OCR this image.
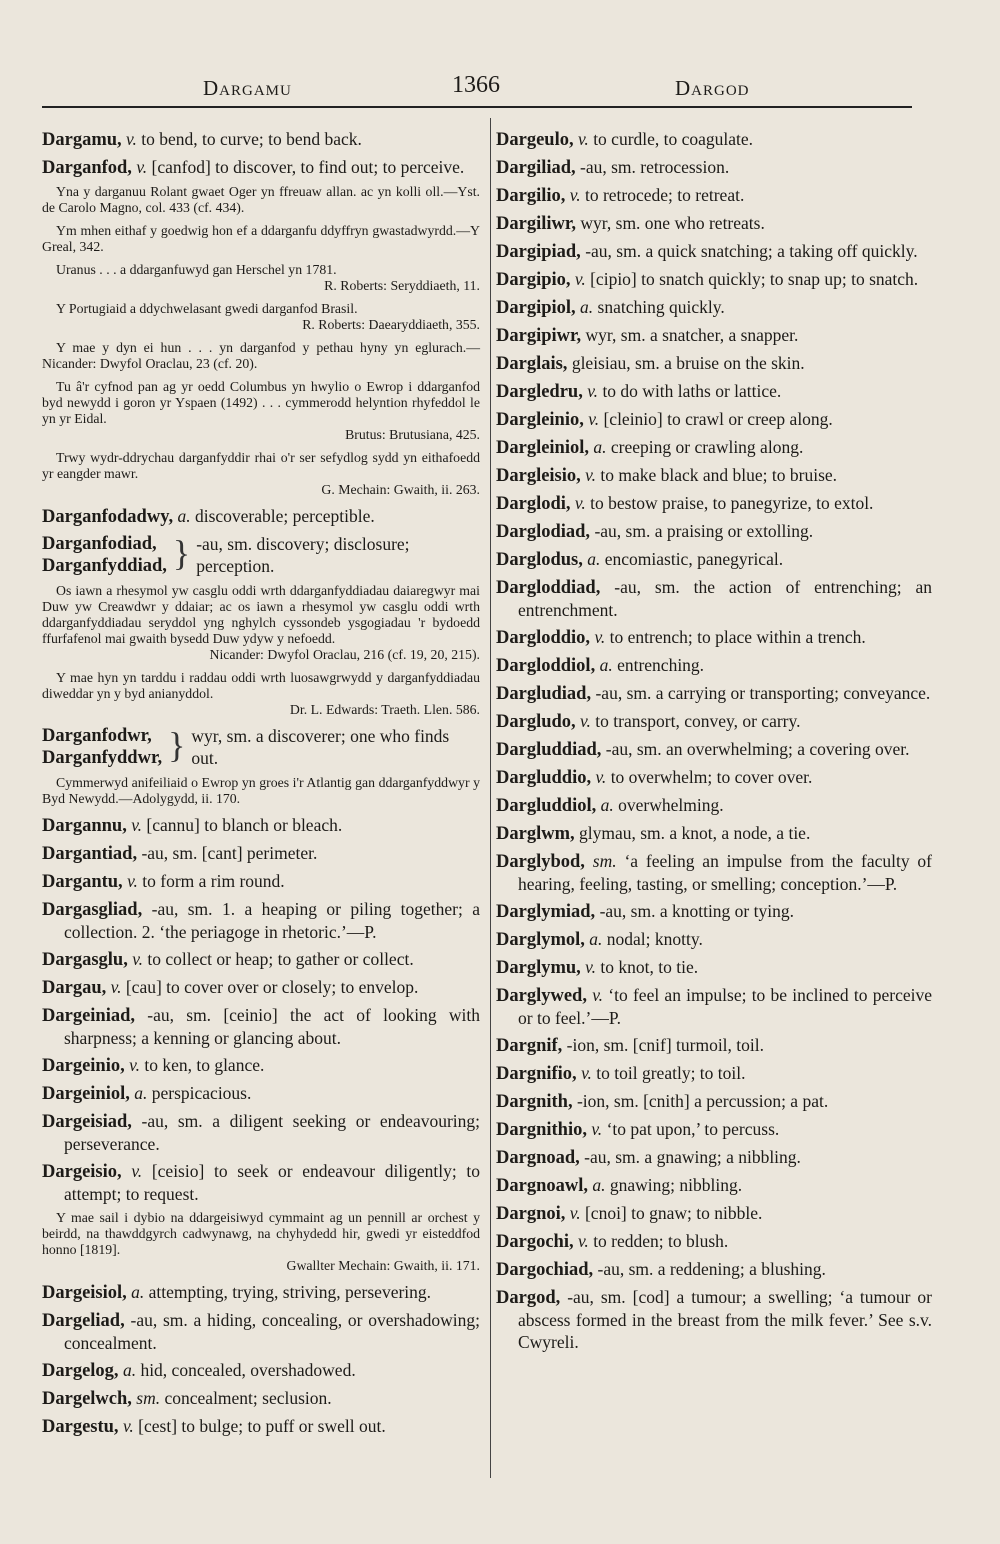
Dargamu	1366	Dargod

Dargamu, v. to bend, to curve; to bend back.

Darganfod, v. [canfod] to discover, to find out; to perceive.

Yna y darganuu Rolant gwaet Oger yn ffreuaw allan. ac yn kolli oll.—Yst. de Carolo Magno, col. 433 (cf. 434).
Ym mhen eithaf y goedwig hon ef a ddarganfu ddyffryn gwastadwyrdd.—Y Greal, 342.
Uranus . . . a ddarganfuwyd gan Herschel yn 1781.
R. Roberts: Seryddiaeth, 11.
Y Portugiaid a ddychwelasant gwedi darganfod Brasil.
R. Roberts: Daearyddiaeth, 355.
Y mae y dyn ei hun . . . yn darganfod y pethau hyny yn eglurach.—Nicander: Dwyfol Oraclau, 23 (cf. 20).
Tu â'r cyfnod pan ag yr oedd Columbus yn hwylio o Ewrop i ddarganfod byd newydd i goron yr Yspaen (1492) . . . cymmerodd helyntion rhyfeddol le yn yr Eidal.
Brutus: Brutusiana, 425.
Trwy wydr-ddrychau darganfyddir rhai o'r ser sefydlog sydd yn eithafoedd yr eangder mawr.
G. Mechain: Gwaith, ii. 263.

Darganfodadwy, a. discoverable; perceptible.

Darganfodiad,
Darganfyddiad, } -au, sm. discovery; disclosure; perception.
Os iawn a rhesymol yw casglu oddi wrth ddarganfyddiadau daiaregwyr mai Duw yw Creawdwr y ddaiar; ac os iawn a rhesymol yw casglu oddi wrth ddarganfyddiadau seryddol yng nghylch cyssondeb ysgogiadau 'r bydoedd ffurfafenol mai gwaith bysedd Duw ydyw y nefoedd.
Nicander: Dwyfol Oraclau, 216 (cf. 19, 20, 215).
Y mae hyn yn tarddu i raddau oddi wrth luosawgrwydd y darganfyddiadau diweddar yn y byd anianyddol.
Dr. L. Edwards: Traeth. Llen. 586.
Darganfodwr,
Darganfyddwr, } wyr, sm. a discoverer; one who finds out.
Cymmerwyd anifeiliaid o Ewrop yn groes i'r Atlantig gan ddarganfyddwyr y Byd Newydd.—Adolygydd, ii. 170.

Dargannu, v. [cannu] to blanch or bleach.

Dargantiad, -au, sm. [cant] perimeter.

Dargantu, v. to form a rim round.

Dargasgliad, -au, sm. 1. a heaping or piling together; a collection. 2. ‘the periagoge in rhetoric.’—P.

Dargasglu, v. to collect or heap; to gather or collect.

Dargau, v. [cau] to cover over or closely; to envelop.

Dargeiniad, -au, sm. [ceinio] the act of looking with sharpness; a kenning or glancing about.

Dargeinio, v. to ken, to glance.

Dargeiniol, a. perspicacious.

Dargeisiad, -au, sm. a diligent seeking or endeavouring; perseverance.

Dargeisio, v. [ceisio] to seek or endeavour diligently; to attempt; to request.

Y mae sail i dybio na ddargeisiwyd cymmaint ag un pennill ar orchest y beirdd, na thawddgyrch cadwynawg, na chyhydedd hir, gwedi yr eisteddfod honno [1819].
Gwallter Mechain: Gwaith, ii. 171.

Dargeisiol, a. attempting, trying, striving, persevering.

Dargeliad, -au, sm. a hiding, concealing, or overshadowing; concealment.

Dargelog, a. hid, concealed, overshadowed.

Dargelwch, sm. concealment; seclusion.

Dargestu, v. [cest] to bulge; to puff or swell out.

Dargeulo, v. to curdle, to coagulate.

Dargiliad, -au, sm. retrocession.

Dargilio, v. to retrocede; to retreat.

Dargiliwr, wyr, sm. one who retreats.

Dargipiad, -au, sm. a quick snatching; a taking off quickly.

Dargipio, v. [cipio] to snatch quickly; to snap up; to snatch.

Dargipiol, a. snatching quickly.

Dargipiwr, wyr, sm. a snatcher, a snapper.

Darglais, gleisiau, sm. a bruise on the skin.

Dargledru, v. to do with laths or lattice.

Dargleinio, v. [cleinio] to crawl or creep along.

Dargleiniol, a. creeping or crawling along.

Dargleisio, v. to make black and blue; to bruise.

Darglodi, v. to bestow praise, to panegyrize, to extol.

Darglodiad, -au, sm. a praising or extolling.

Darglodus, a. encomiastic, panegyrical.

Dargloddiad, -au, sm. the action of entrenching; an entrenchment.

Dargloddio, v. to entrench; to place within a trench.

Dargloddiol, a. entrenching.

Dargludiad, -au, sm. a carrying or transporting; conveyance.

Dargludo, v. to transport, convey, or carry.

Dargluddiad, -au, sm. an overwhelming; a covering over.

Dargluddio, v. to overwhelm; to cover over.

Dargluddiol, a. overwhelming.

Darglwm, glymau, sm. a knot, a node, a tie.

Darglybod, sm. ‘a feeling an impulse from the faculty of hearing, feeling, tasting, or smelling; conception.’—P.

Darglymiad, -au, sm. a knotting or tying.

Darglymol, a. nodal; knotty.

Darglymu, v. to knot, to tie.

Darglywed, v. ‘to feel an impulse; to be inclined to perceive or to feel.’—P.

Dargnif, -ion, sm. [cnif] turmoil, toil.

Dargnifio, v. to toil greatly; to toil.

Dargnith, -ion, sm. [cnith] a percussion; a pat.

Dargnithio, v. ‘to pat upon,’ to percuss.

Dargnoad, -au, sm. a gnawing; a nibbling.

Dargnoawl, a. gnawing; nibbling.

Dargnoi, v. [cnoi] to gnaw; to nibble.

Dargochi, v. to redden; to blush.

Dargochiad, -au, sm. a reddening; a blushing.

Dargod, -au, sm. [cod] a tumour; a swelling; ‘a tumour or abscess formed in the breast from the milk fever.’ See s.v. Cwyreli.
